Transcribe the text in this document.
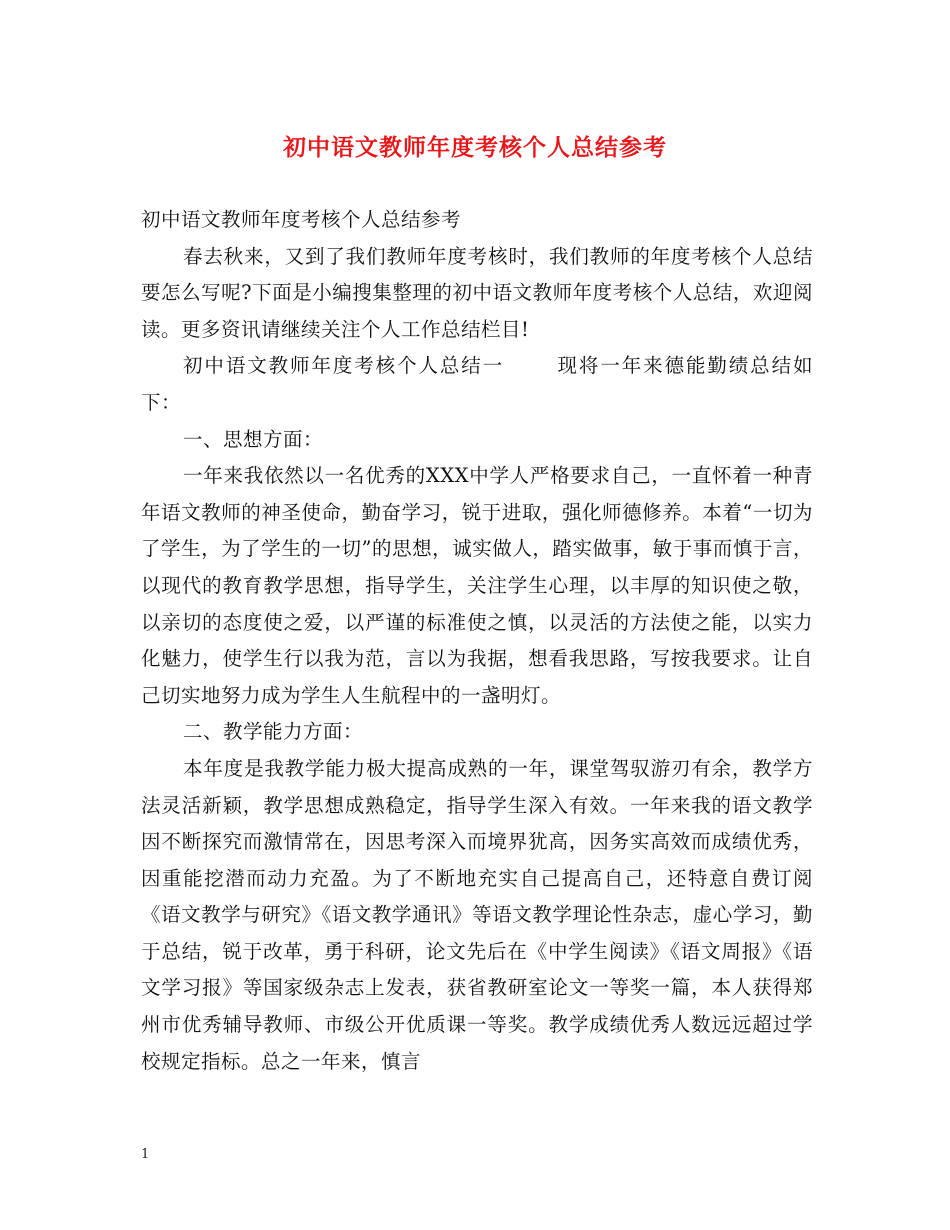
初中语文教师年度考核个人总结参考

初中语文教师年度考核个人总结参考

春去秋来，又到了我们教师年度考核时，我们教师的年度考核个人总结要怎么写呢?下面是小编搜集整理的初中语文教师年度考核个人总结，欢迎阅读。更多资讯请继续关注个人工作总结栏目!

初中语文教师年度考核个人总结一	现将一年来德能勤绩总结如下：

一、思想方面：

一年来我依然以一名优秀的XXX中学人严格要求自己，一直怀着一种青年语文教师的神圣使命，勤奋学习，锐于进取，强化师德修养。本着“一切为了学生，为了学生的一切”的思想，诚实做人，踏实做事，敏于事而慎于言，以现代的教育教学思想，指导学生，关注学生心理，以丰厚的知识使之敬，以亲切的态度使之爱，以严谨的标准使之慎，以灵活的方法使之能，以实力化魅力，使学生行以我为范，言以为我据，想看我思路，写按我要求。让自己切实地努力成为学生人生航程中的一盏明灯。

二、教学能力方面：

本年度是我教学能力极大提高成熟的一年，课堂驾驭游刃有余，教学方法灵活新颖，教学思想成熟稳定，指导学生深入有效。一年来我的语文教学因不断探究而激情常在，因思考深入而境界犹高，因务实高效而成绩优秀，因重能挖潜而动力充盈。为了不断地充实自己提高自己，还特意自费订阅《语文教学与研究》《语文教学通讯》等语文教学理论性杂志，虚心学习，勤于总结，锐于改革，勇于科研，论文先后在《中学生阅读》《语文周报》《语文学习报》等国家级杂志上发表，获省教研室论文一等奖一篇，本人获得郑州市优秀辅导教师、市级公开优质课一等奖。教学成绩优秀人数远远超过学校规定指标。总之一年来，慎言

1
